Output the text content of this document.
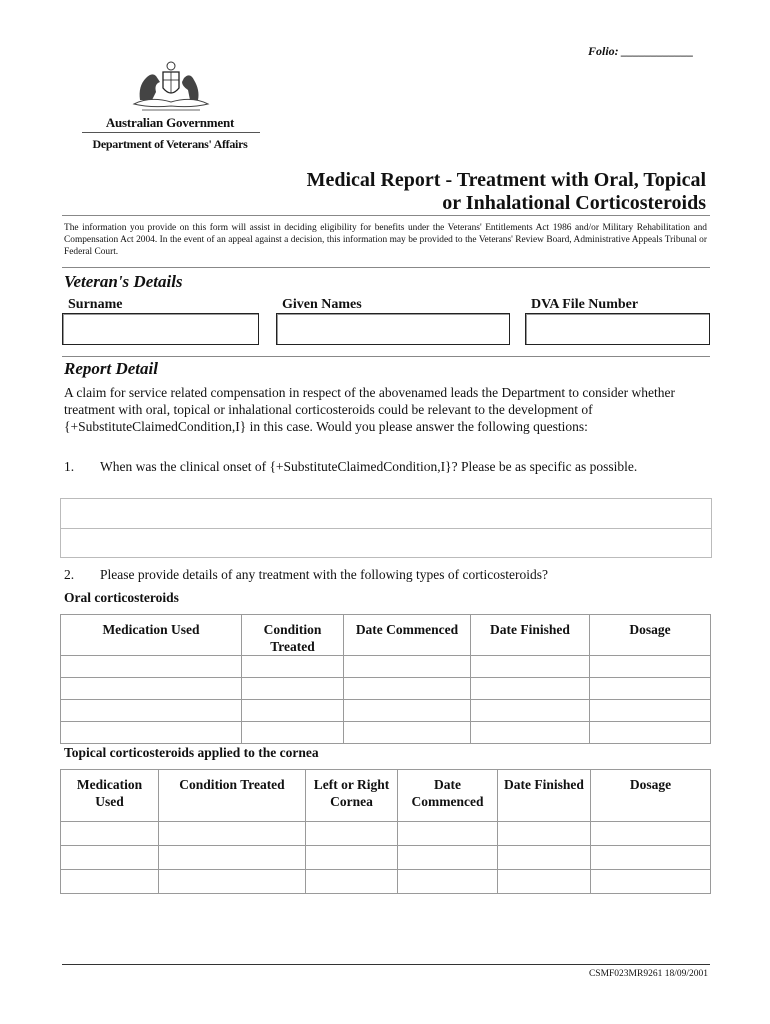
Folio: ____________
Australian Government
Department of Veterans' Affairs
Medical Report - Treatment with Oral, Topical
or Inhalational Corticosteroids
The information you provide on this form will assist in deciding eligibility for benefits under the Veterans' Entitlements Act 1986 and/or Military Rehabilitation and Compensation Act 2004. In the event of an appeal against a decision, this information may be provided to the Veterans' Review Board, Administrative Appeals Tribunal or Federal Court.
Veteran's Details
Surname	Given Names	DVA File Number
Report Detail
A claim for service related compensation in respect of the abovenamed leads the Department to consider whether treatment with oral, topical or inhalational corticosteroids could be relevant to the development of {+SubstituteClaimedCondition,I} in this case. Would you please answer the following questions:
1. When was the clinical onset of {+SubstituteClaimedCondition,I}? Please be as specific as possible.
2. Please provide details of any treatment with the following types of corticosteroids?
Oral corticosteroids
Medication Used	Condition Treated	Date Commenced	Date Finished	Dosage

Topical corticosteroids applied to the cornea
Medication Used	Condition Treated	Left or Right Cornea	Date Commenced	Date Finished	Dosage

CSMF023MR9261 18/09/2001
